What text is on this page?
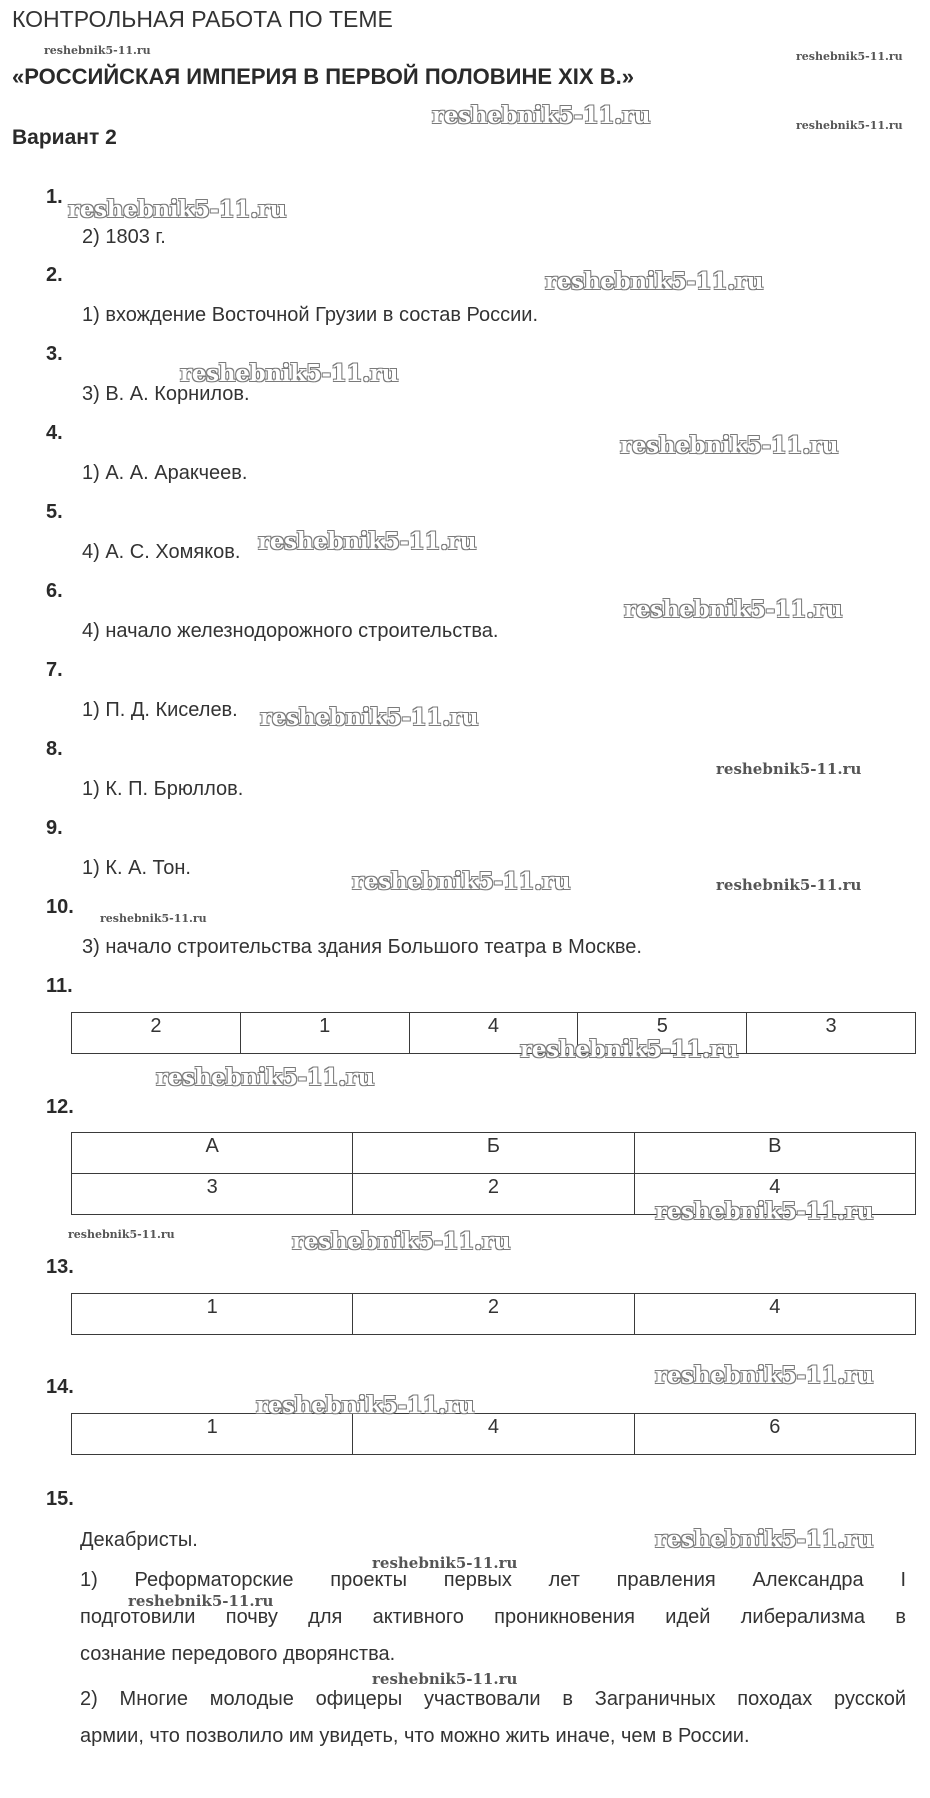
КОНТРОЛЬНАЯ РАБОТА ПО ТЕМЕ
«РОССИЙСКАЯ ИМПЕРИЯ В ПЕРВОЙ ПОЛОВИНЕ XIX В.»
Вариант 2
1.
2) 1803 г.
2.
1) вхождение Восточной Грузии в состав России.
3.
3) В. А. Корнилов.
4.
1) А. А. Аракчеев.
5.
4) А. С. Хомяков.
6.
4) начало железнодорожного строительства.
7.
1) П. Д. Киселев.
8.
1) К. П. Брюллов.
9.
1) К. А. Тон.
10.
3) начало строительства здания Большого театра в Москве.
11.
2	1	4	5	3
12.
А	Б	В
3	2	4
13.
1	2	4
14.
1	4	6
15.
Декабристы.
1) Реформаторские проекты первых лет правления Александра I
подготовили почву для активного проникновения идей либерализма в
сознание передового дворянства.
2) Многие молодые офицеры участвовали в Заграничных походах русской
армии, что позволило им увидеть, что можно жить иначе, чем в России.
reshebnik5-11.ru	reshebnik5-11.ru
reshebnik5-11.ru
reshebnik5-11.ru
reshebnik5-11.ru
reshebnik5-11.ru
reshebnik5-11.ru
reshebnik5-11.ru
reshebnik5-11.ru
reshebnik5-11.ru
reshebnik5-11.ru
reshebnik5-11.ru
reshebnik5-11.ru	reshebnik5-11.ru
reshebnik5-11.ru
reshebnik5-11.ru
reshebnik5-11.ru
reshebnik5-11.ru
reshebnik5-11.ru	reshebnik5-11.ru
reshebnik5-11.ru
reshebnik5-11.ru
reshebnik5-11.ru
reshebnik5-11.ru
reshebnik5-11.ru
reshebnik5-11.ru
